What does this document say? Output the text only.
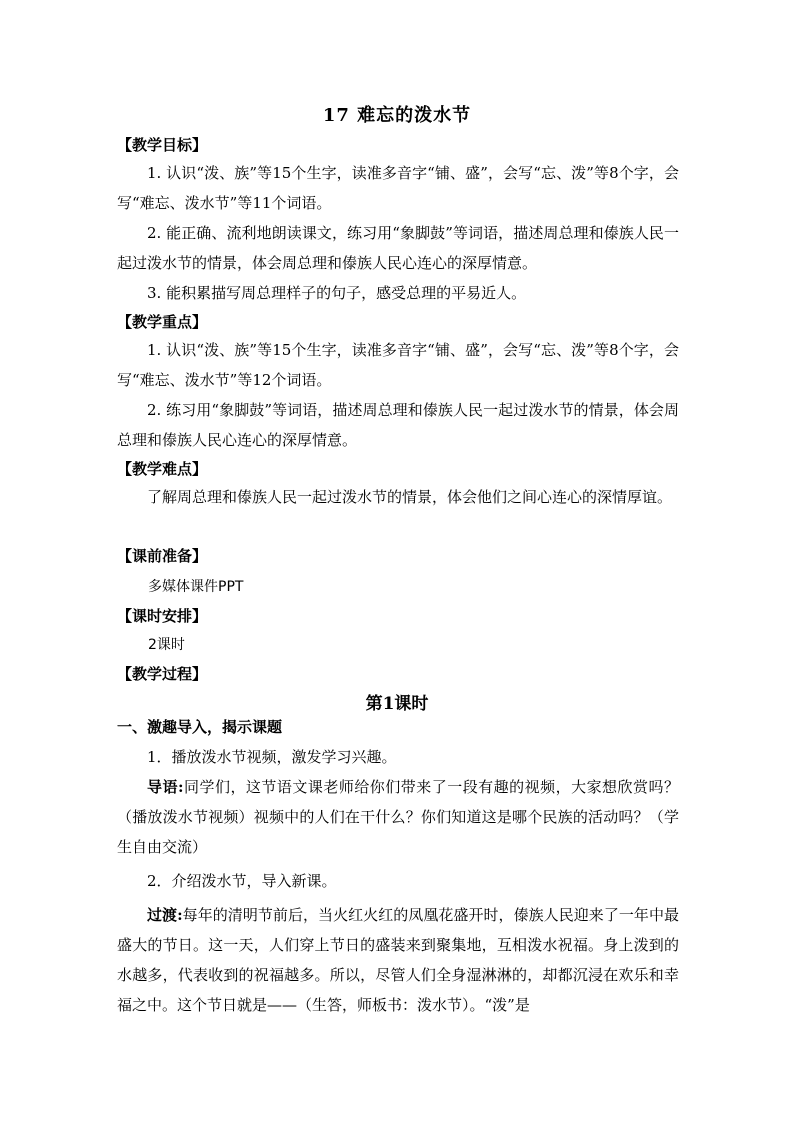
17 难忘的泼水节
【教学目标】
1. 认识“泼、族”等15个生字，读准多音字“铺、盛”，会写“忘、泼”等8个字，会写“难忘、泼水节”等11个词语。
2. 能正确、流利地朗读课文，练习用“象脚鼓”等词语，描述周总理和傣族人民一起过泼水节的情景，体会周总理和傣族人民心连心的深厚情意。
3. 能积累描写周总理样子的句子，感受总理的平易近人。
【教学重点】
1. 认识“泼、族”等15个生字，读准多音字“铺、盛”，会写“忘、泼”等8个字，会写“难忘、泼水节”等12个词语。
2. 练习用“象脚鼓”等词语，描述周总理和傣族人民一起过泼水节的情景，体会周总理和傣族人民心连心的深厚情意。
【教学难点】
了解周总理和傣族人民一起过泼水节的情景，体会他们之间心连心的深情厚谊。
【课前准备】
多媒体课件PPT
【课时安排】
2课时
【教学过程】
第1课时
一、激趣导入，揭示课题
1．播放泼水节视频，激发学习兴趣。
导语:同学们，这节语文课老师给你们带来了一段有趣的视频，大家想欣赏吗？（播放泼水节视频）视频中的人们在干什么？你们知道这是哪个民族的活动吗？（学生自由交流）
2．介绍泼水节，导入新课。
过渡:每年的清明节前后，当火红火红的凤凰花盛开时，傣族人民迎来了一年中最盛大的节日。这一天，人们穿上节日的盛装来到聚集地，互相泼水祝福。身上泼到的水越多，代表收到的祝福越多。所以，尽管人们全身湿淋淋的，却都沉浸在欢乐和幸福之中。这个节日就是——（生答，师板书：泼水节）。“泼”是
